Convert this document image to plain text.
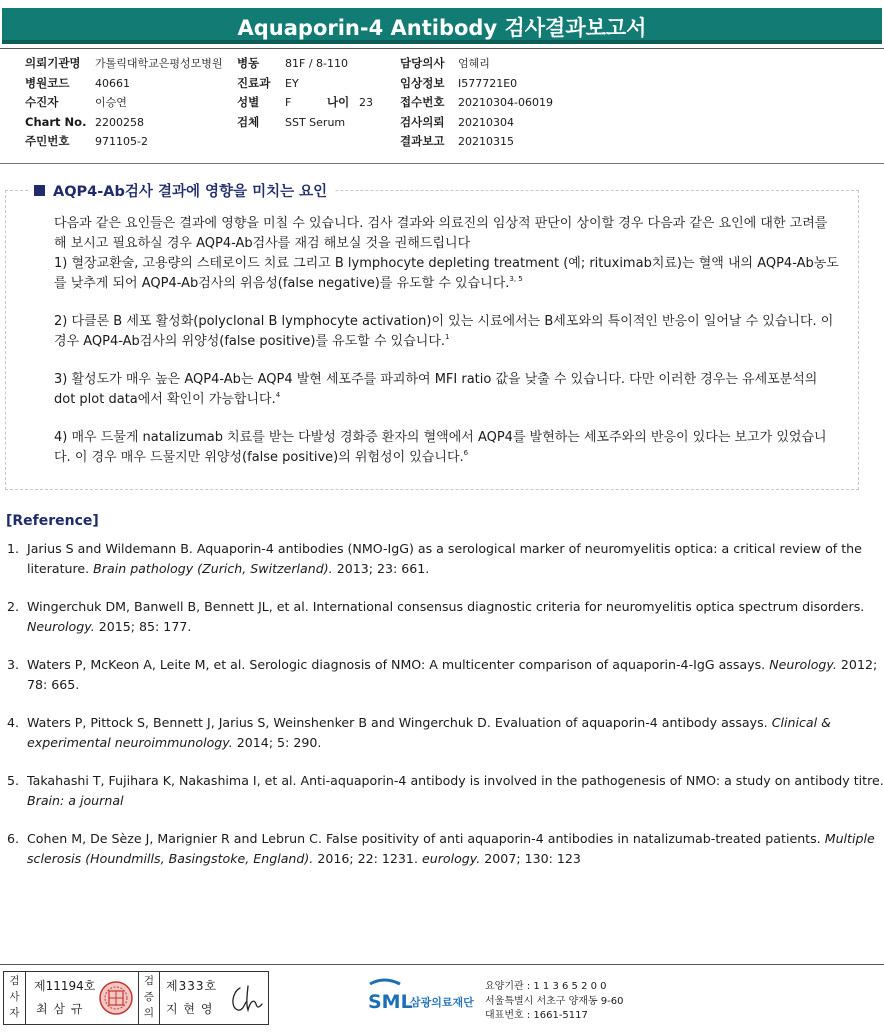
Aquaporin-4 Antibody 검사결과보고서
의뢰기관명 가톨릭대학교은평성모병원
병원코드 40661
수진자	이승연
Chart No. 2200258
주민번호 971105-2
병동 81F / 8-110
진료과 EY
성별 F	나이 23
검체 SST Serum
담당의사 엄혜리
임상정보 I577721E0
접수번호 20210304-06019
검사의뢰 20210304
결과보고 20210315
AQP4-Ab검사 결과에 영향을 미치는 요인

다음과 같은 요인들은 결과에 영향을 미칠 수 있습니다. 검사 결과와 의료진의 임상적 판단이 상이할 경우 다음과 같은 요인에 대한 고려를 해 보시고 필요하실 경우 AQP4-Ab검사를 재검 해보실 것을 권해드립니다

1) 혈장교환술, 고용량의 스테로이드 치료 그리고 B lymphocyte depleting treatment (예; rituximab치료)는 혈액 내의 AQP4-Ab농도를 낮추게 되어 AQP4-Ab검사의 위음성(false negative)를 유도할 수 있습니다.$^{3, 5}$

2) 다클론 B 세포 활성화(polyclonal B lymphocyte activation)이 있는 시료에서는 B세포와의 특이적인 반응이 일어날 수 있습니다. 이 경우 AQP4-Ab검사의 위양성(false positive)를 유도할 수 있습니다.$^1$

3) 활성도가 매우 높은 AQP4-Ab는 AQP4 발현 세포주를 파괴하여 MFI ratio 값을 낮출 수 있습니다. 다만 이러한 경우는 유세포분석의 dot plot data에서 확인이 가능합니다.$^4$

4) 매우 드물게 natalizumab 치료를 받는 다발성 경화증 환자의 혈액에서 AQP4를 발현하는 세포주와의 반응이 있다는 보고가 있었습니다. 이 경우 매우 드물지만 위양성(false positive)의 위험성이 있습니다.$^6$

[Reference]

1. Jarius S and Wildemann B. Aquaporin-4 antibodies (NMO-IgG) as a serological marker of neuromyelitis optica: a critical review of the literature. Brain pathology (Zurich, Switzerland). 2013; 23: 661.

2. Wingerchuk DM, Banwell B, Bennett JL, et al. International consensus diagnostic criteria for neuromyelitis optica spectrum disorders. Neurology. 2015; 85: 177.

3. Waters P, McKeon A, Leite M, et al. Serologic diagnosis of NMO: A multicenter comparison of aquaporin-4-IgG assays. Neurology. 2012; 78: 665.

4. Waters P, Pittock S, Bennett J, Jarius S, Weinshenker B and Wingerchuk D. Evaluation of aquaporin-4 antibody assays. Clinical & experimental neuroimmunology. 2014; 5: 290.

5. Takahashi T, Fujihara K, Nakashima I, et al. Anti-aquaporin-4 antibody is involved in the pathogenesis of NMO: a study on antibody titre. Brain: a journal

6. Cohen M, De Sèze J, Marignier R and Lebrun C. False positivity of anti aquaporin-4 antibodies in natalizumab-treated patients. Multiple sclerosis (Houndmills, Basingstoke, England). 2016; 22: 1231. eurology. 2007; 130: 123

검사자
제11194호
최 삼 규
검증의
제333호
지 현 영	SML
삼광의료재단
요양기관 : 1 1 3 6 5 2 0 0
서울특별시 서초구 양재동 9-60
대표번호 : 1661-5117
